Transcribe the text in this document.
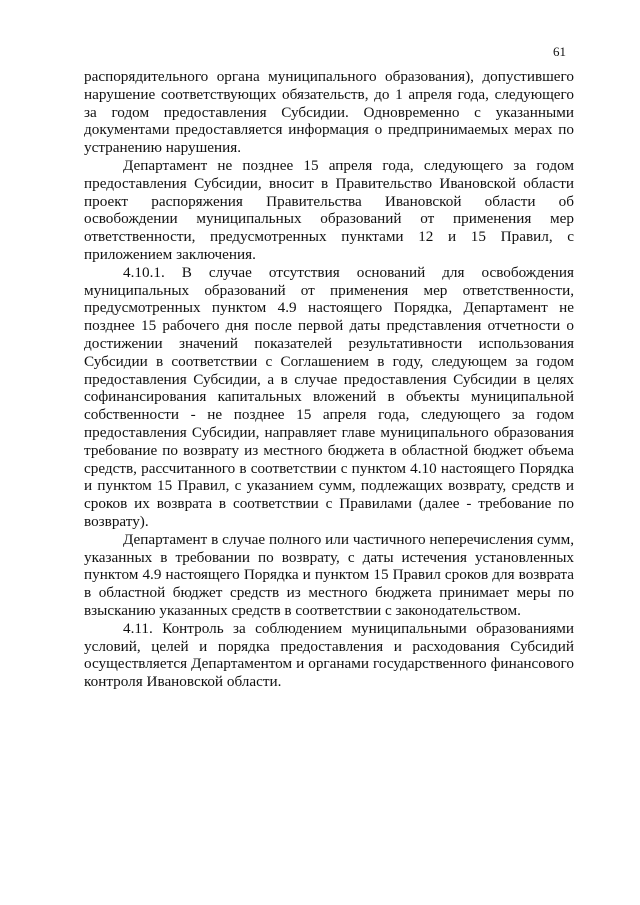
61

распорядительного органа муниципального образования), допустившего нарушение соответствующих обязательств, до 1 апреля года, следующего за годом предоставления Субсидии. Одновременно с указанными документами предоставляется информация о предпринимаемых мерах по устранению нарушения.

Департамент не позднее 15 апреля года, следующего за годом предоставления Субсидии, вносит в Правительство Ивановской области проект распоряжения Правительства Ивановской области об освобождении муниципальных образований от применения мер ответственности, предусмотренных пунктами 12 и 15 Правил, с приложением заключения.

4.10.1. В случае отсутствия оснований для освобождения муниципальных образований от применения мер ответственности, предусмотренных пунктом 4.9 настоящего Порядка, Департамент не позднее 15 рабочего дня после первой даты представления отчетности о достижении значений показателей результативности использования Субсидии в соответствии с Соглашением в году, следующем за годом предоставления Субсидии, а в случае предоставления Субсидии в целях софинансирования капитальных вложений в объекты муниципальной собственности - не позднее 15 апреля года, следующего за годом предоставления Субсидии, направляет главе муниципального образования требование по возврату из местного бюджета в областной бюджет объема средств, рассчитанного в соответствии с пунктом 4.10 настоящего Порядка и пунктом 15 Правил, с указанием сумм, подлежащих возврату, средств и сроков их возврата в соответствии с Правилами (далее - требование по возврату).

Департамент в случае полного или частичного неперечисления сумм, указанных в требовании по возврату, с даты истечения установленных пунктом 4.9 настоящего Порядка и пунктом 15 Правил сроков для возврата в областной бюджет средств из местного бюджета принимает меры по взысканию указанных средств в соответствии с законодательством.

4.11. Контроль за соблюдением муниципальными образованиями условий, целей и порядка предоставления и расходования Субсидий осуществляется Департаментом и органами государственного финансового контроля Ивановской области.
